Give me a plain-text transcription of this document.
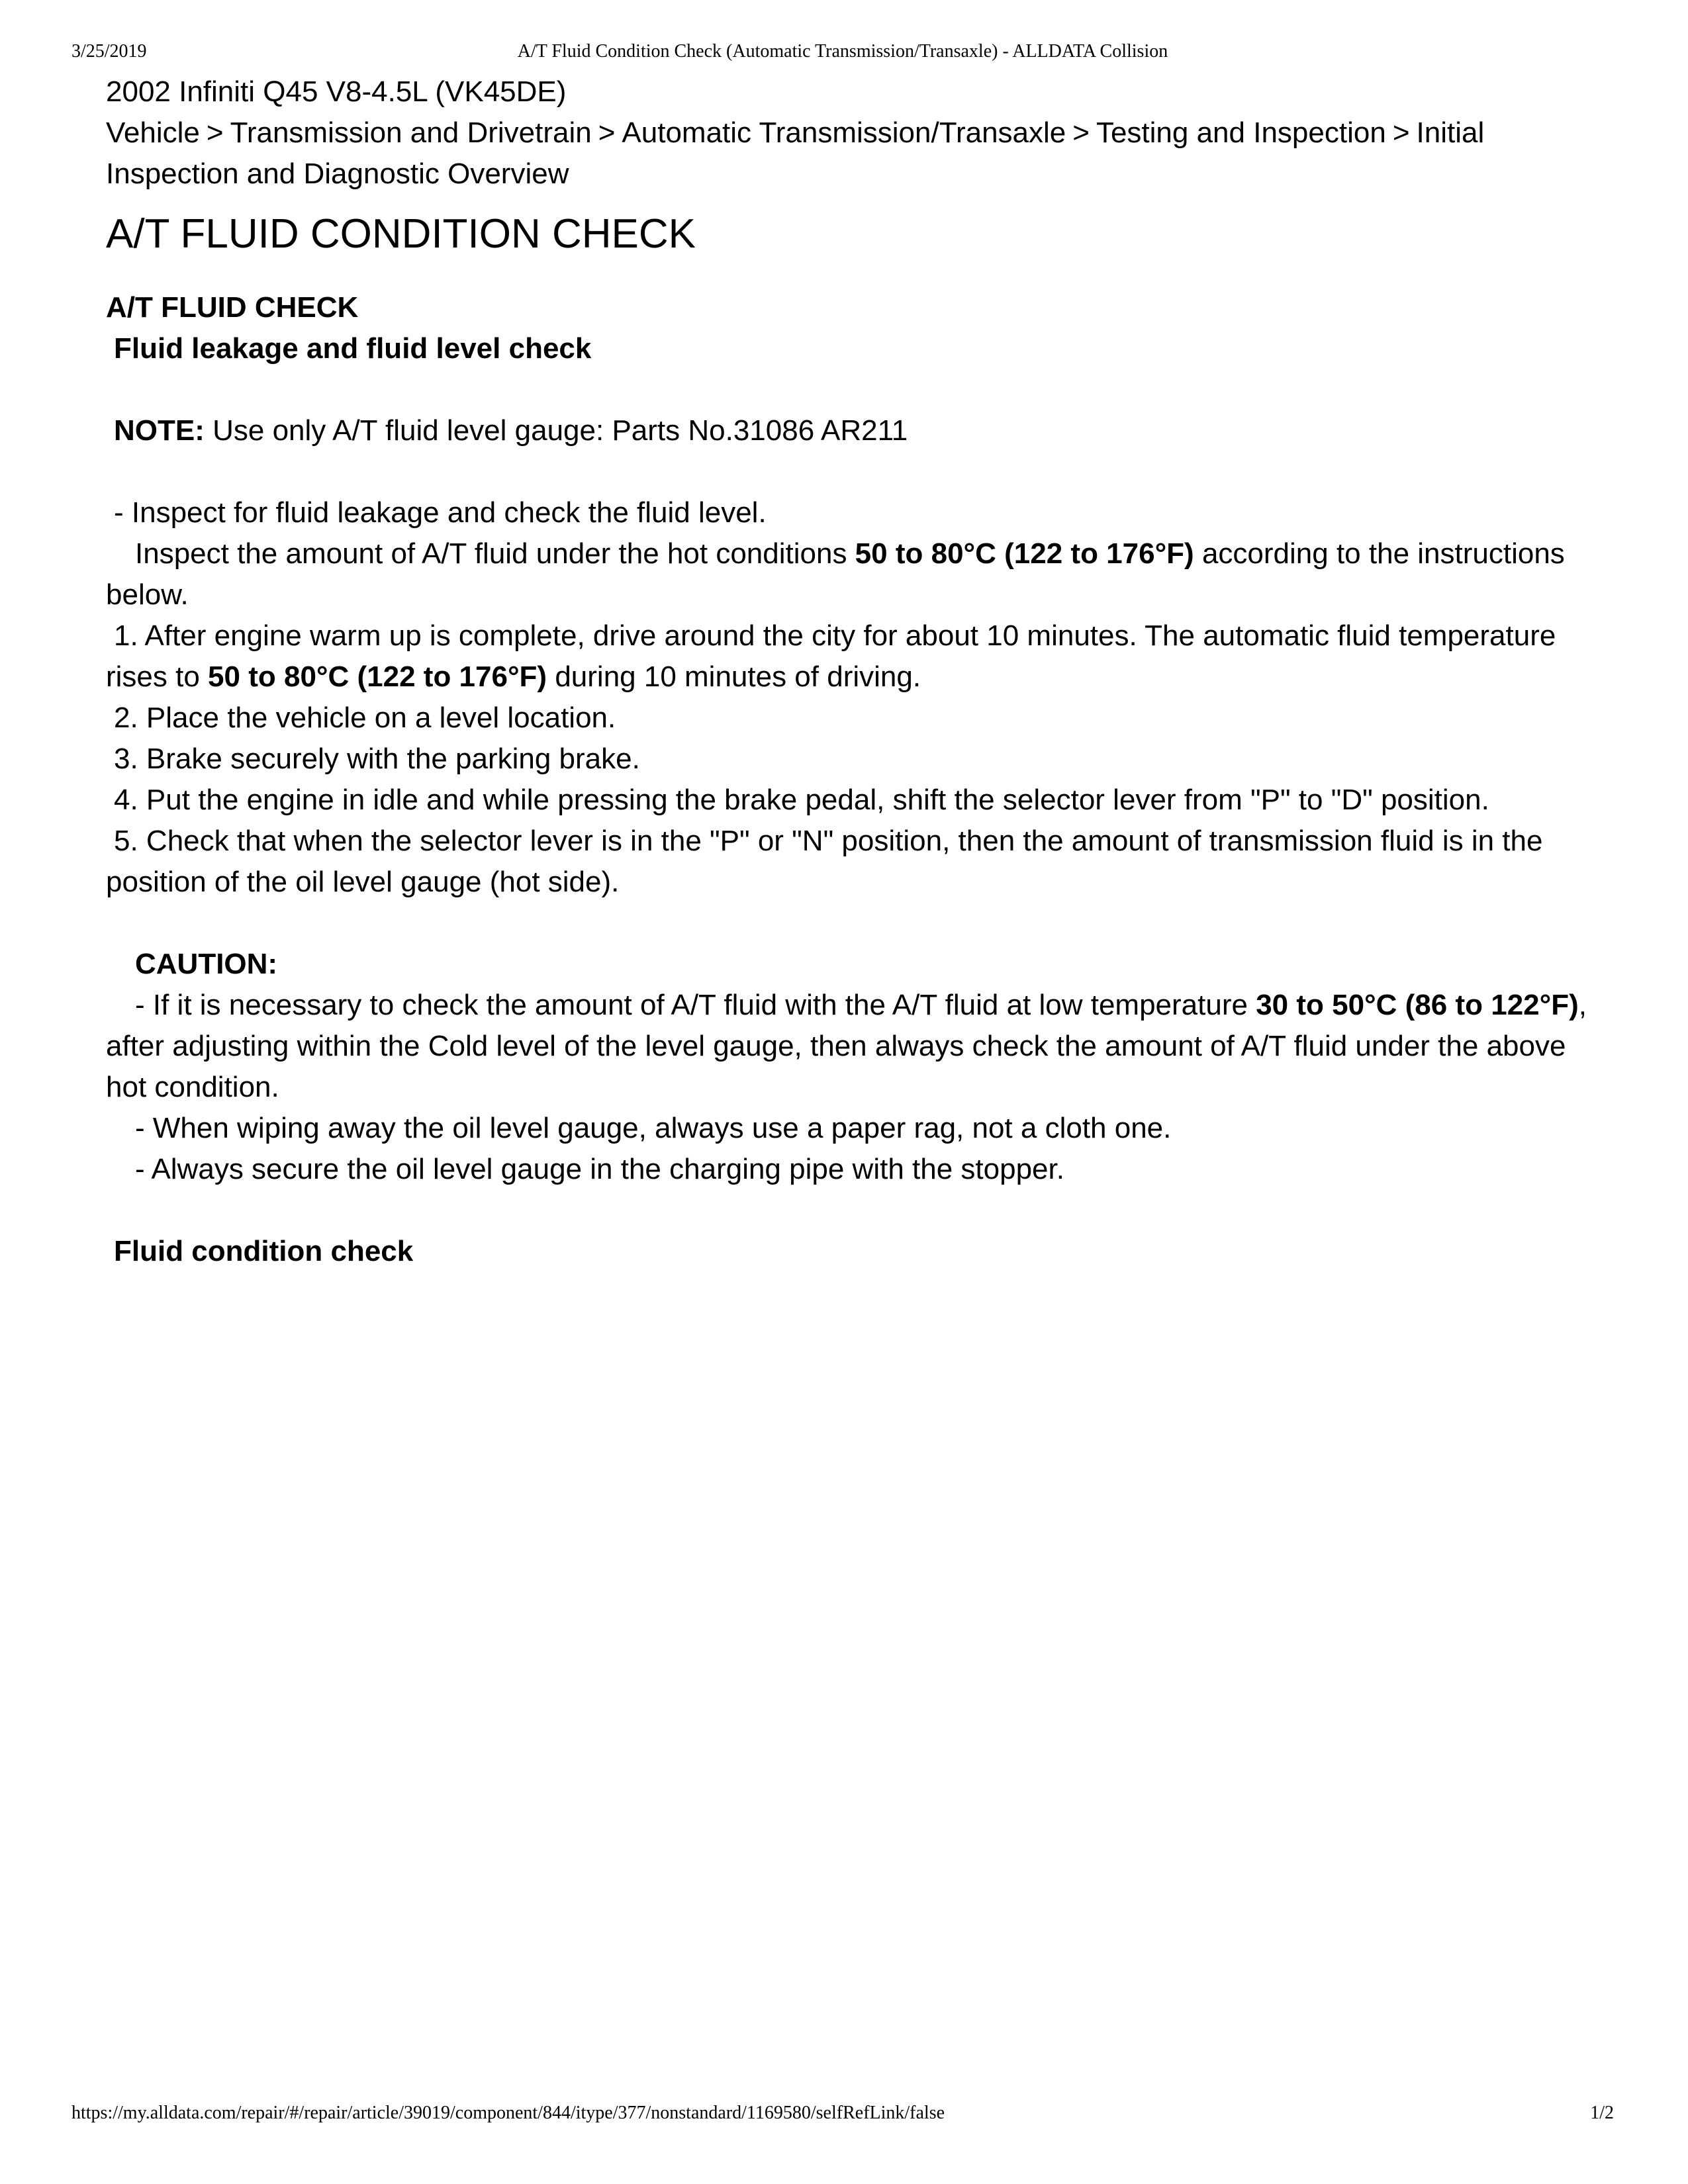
3/25/2019	A/T Fluid Condition Check (Automatic Transmission/Transaxle) - ALLDATA Collision

2002 Infiniti Q45 V8-4.5L (VK45DE)

Vehicle > Transmission and Drivetrain > Automatic Transmission/Transaxle > Testing and Inspection > Initial Inspection and Diagnostic Overview

A/T FLUID CONDITION CHECK

A/T FLUID CHECK

Fluid leakage and fluid level check

NOTE: Use only A/T fluid level gauge: Parts No.31086 AR211

- Inspect for fluid leakage and check the fluid level.

Inspect the amount of A/T fluid under the hot conditions 50 to 80°C (122 to 176°F) according to the instructions below.

1. After engine warm up is complete, drive around the city for about 10 minutes. The automatic fluid temperature rises to 50 to 80°C (122 to 176°F) during 10 minutes of driving.

2. Place the vehicle on a level location.

3. Brake securely with the parking brake.

4. Put the engine in idle and while pressing the brake pedal, shift the selector lever from "P" to "D" position.

5. Check that when the selector lever is in the "P" or "N" position, then the amount of transmission fluid is in the position of the oil level gauge (hot side).

CAUTION:

- If it is necessary to check the amount of A/T fluid with the A/T fluid at low temperature 30 to 50°C (86 to 122°F), after adjusting within the Cold level of the level gauge, then always check the amount of A/T fluid under the above hot condition.

- When wiping away the oil level gauge, always use a paper rag, not a cloth one.

- Always secure the oil level gauge in the charging pipe with the stopper.

Fluid condition check

https://my.alldata.com/repair/#/repair/article/39019/component/844/itype/377/nonstandard/1169580/selfRefLink/false	1/2
